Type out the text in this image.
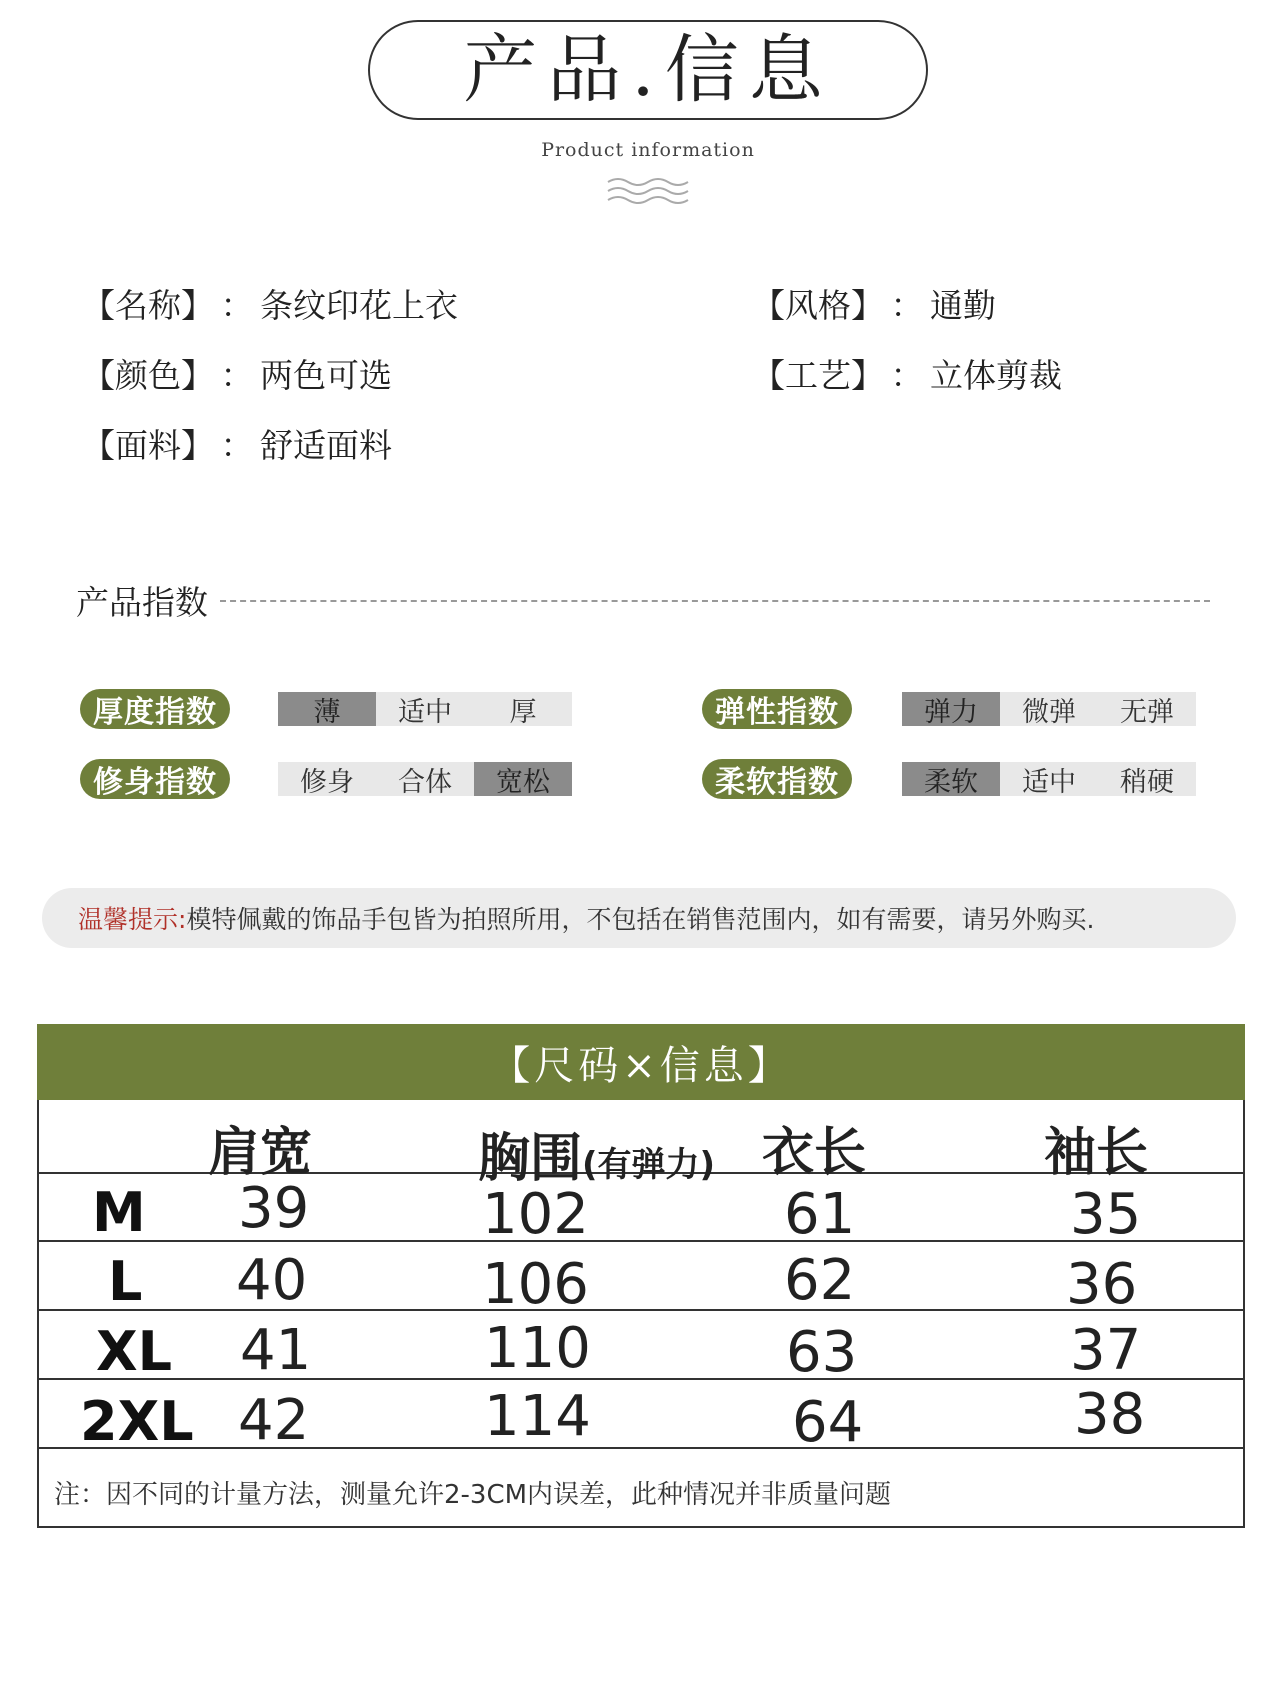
产品.信息
Product information
【名称】 ： 条纹印花上衣
【颜色】 ： 两色可选
【面料】 ： 舒适面料
【风格】 ： 通勤
【工艺】 ： 立体剪裁
产品指数
厚度指数	薄	适中	厚
修身指数	修身	合体	宽松
弹性指数	弹力	微弹	无弹
柔软指数	柔软	适中	稍硬
温馨提示: 模特佩戴的饰品手包皆为拍照所用，不包括在销售范围内，如有需要，请另外购买.
【尺码×信息】
肩宽	胸围(有弹力) 衣长	袖长
M 39	102	61	35
L 40	106	62	36
XL 41	110	63	37
2XL 42	114	64	38
注：因不同的计量方法，测量允许2-3CM内误差，此种情况并非质量问题
